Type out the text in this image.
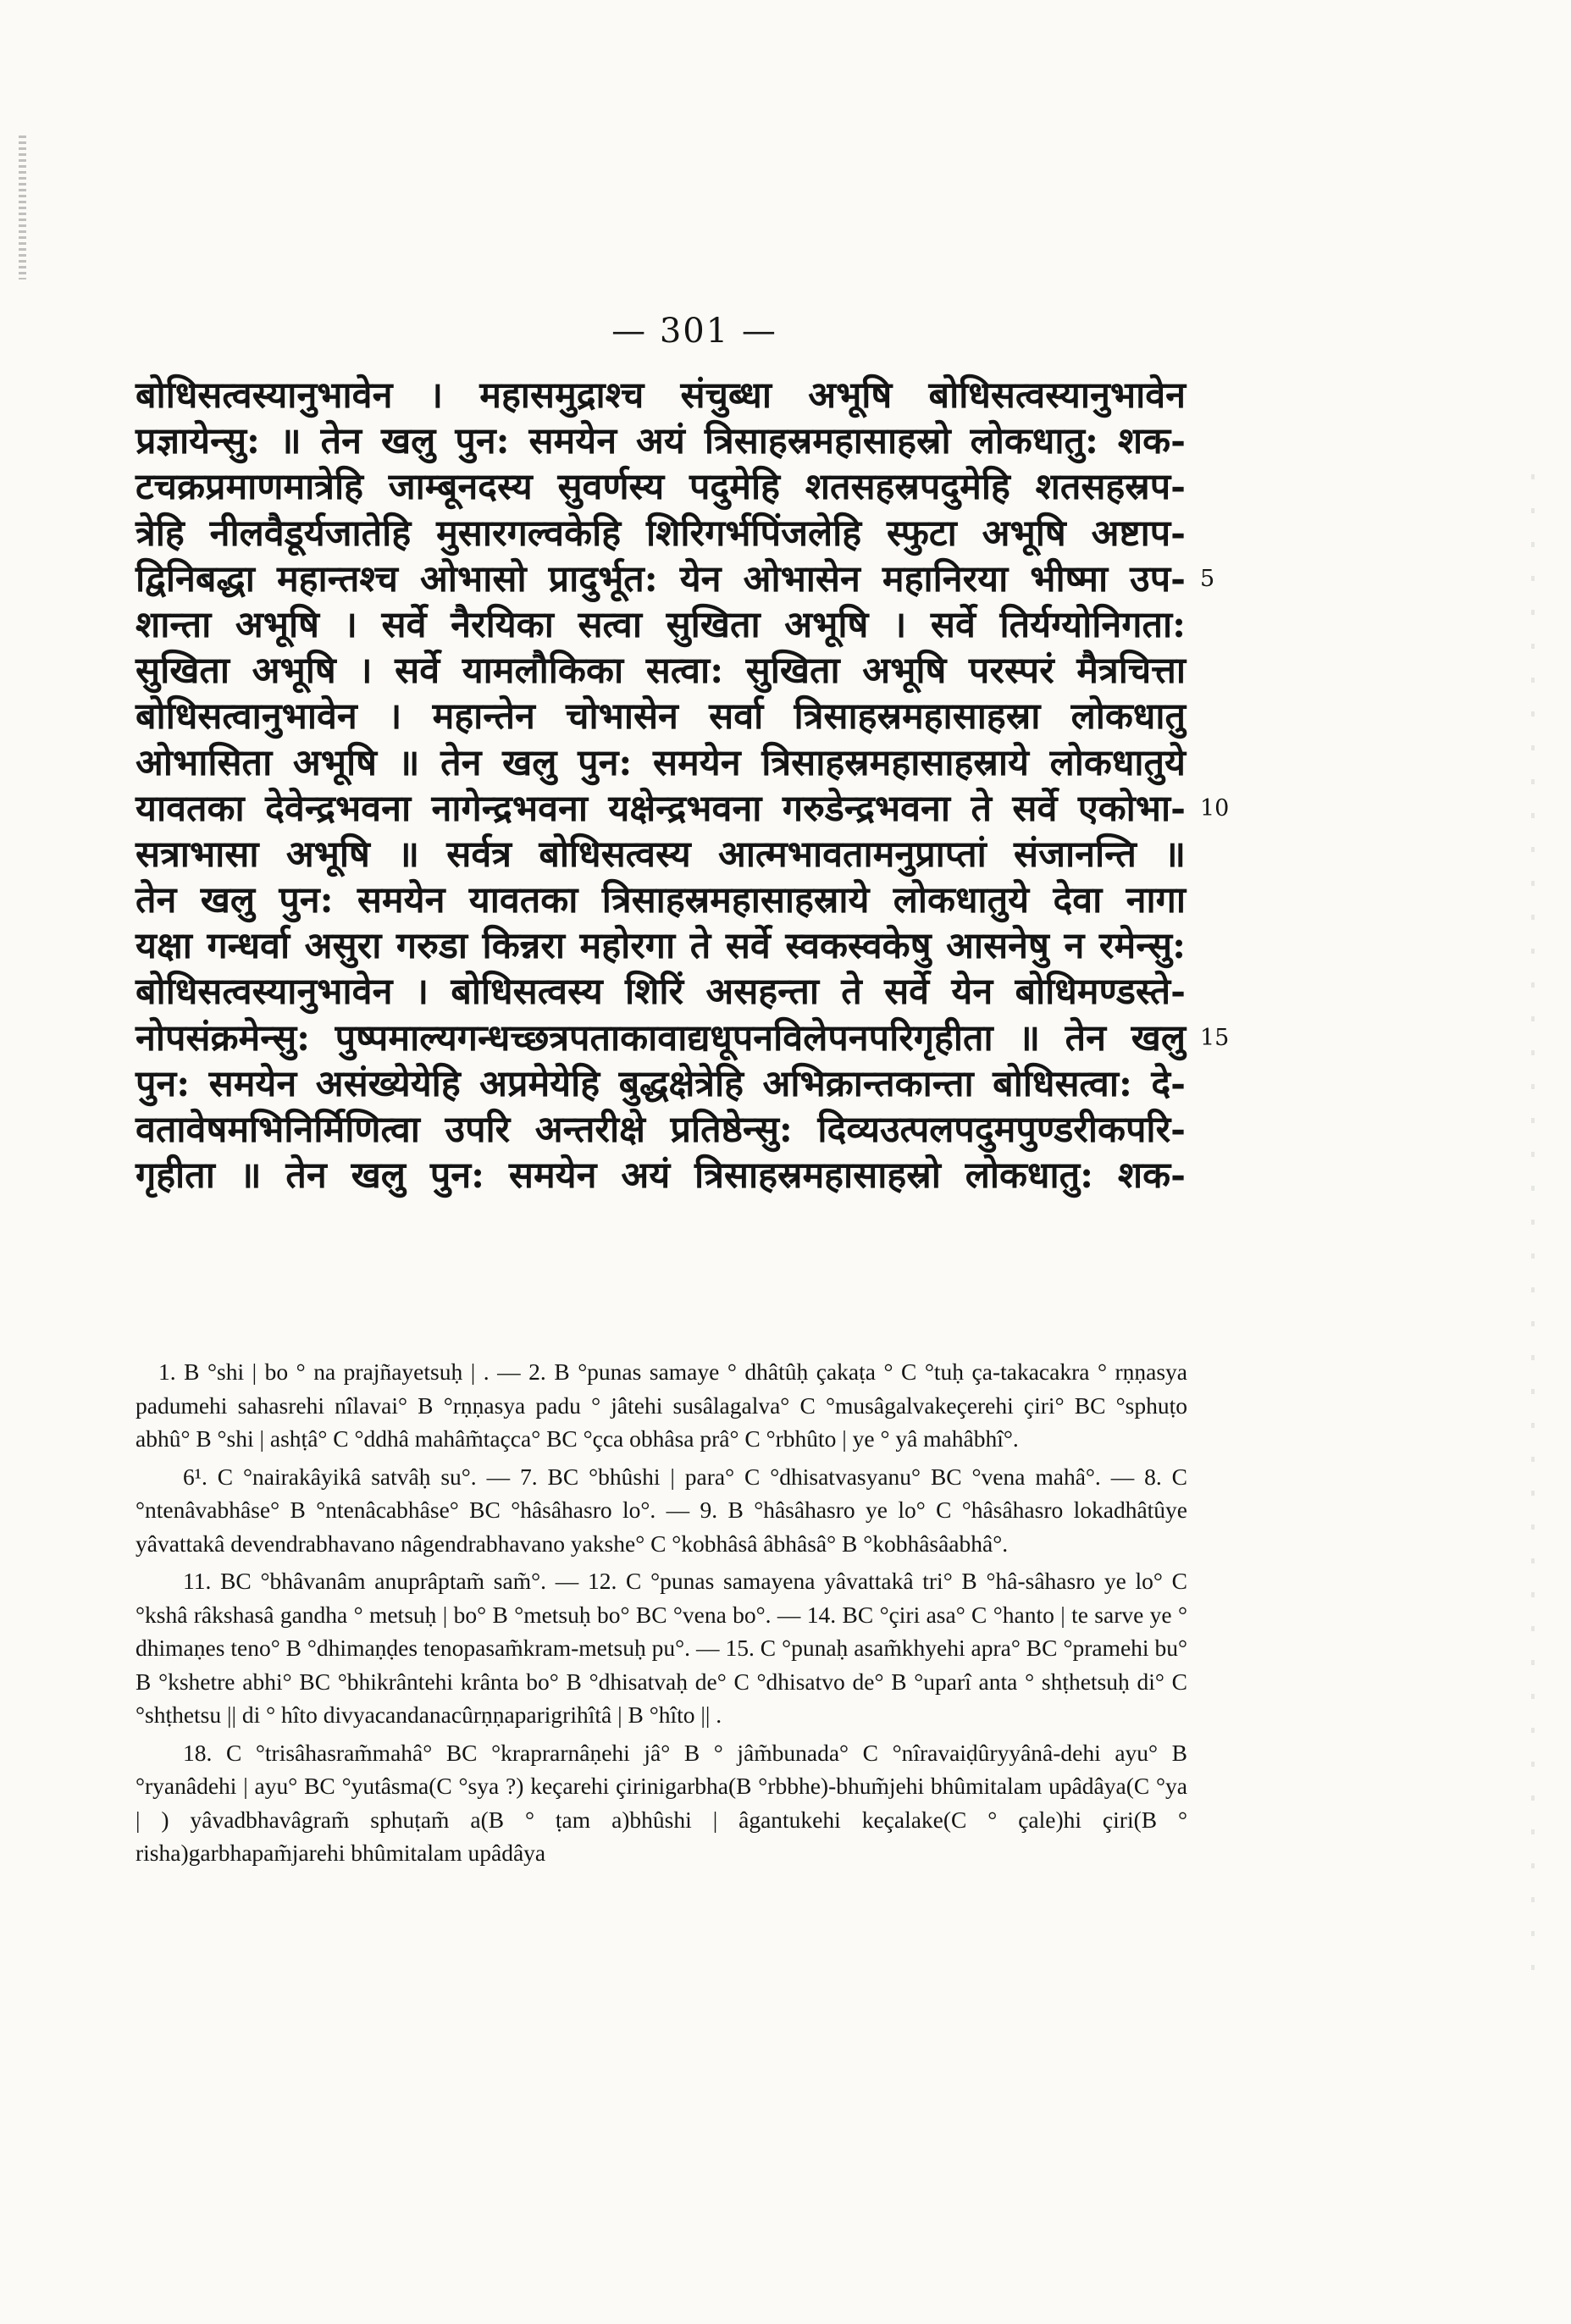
— 301 —
बोधिसत्वस्यानुभावेन । महासमुद्राश्च संचुब्धा अभूषि बोधिसत्वस्यानुभावेन
प्रज्ञायेन्सु: ॥ तेन खलु पुन: समयेन अयं त्रिसाहस्रमहासाहस्रो लोकधातु: शक-
टचक्रप्रमाणमात्रेहि जाम्बूनदस्य सुवर्णस्य पदुमेहि शतसहस्रपदुमेहि शतसहस्रप-
त्रेहि नीलवैडूर्यजातेहि मुसारगल्वकेहि शिरिगर्भपिंजलेहि स्फुटा अभूषि अष्टाप-
द्विनिबद्धा महान्तश्च ओभासो प्रादुर्भूत: येन ओभासेन महानिरया भीष्मा उप- 5
शान्ता अभूषि । सर्वे नैरयिका सत्वा सुखिता अभूषि । सर्वे तिर्यग्योनिगता:
सुखिता अभूषि । सर्वे यामलौकिका सत्वा: सुखिता अभूषि परस्परं मैत्रचित्ता
बोधिसत्वानुभावेन । महान्तेन चोभासेन सर्वा त्रिसाहस्रमहासाहस्रा लोकधातु
ओभासिता अभूषि ॥ तेन खलु पुन: समयेन त्रिसाहस्रमहासाहस्राये लोकधातुये
यावतका देवेन्द्रभवना नागेन्द्रभवना यक्षेन्द्रभवना गरुडेन्द्रभवना ते सर्वे एकोभा- 10
सत्राभासा अभूषि ॥ सर्वत्र बोधिसत्वस्य आत्मभावतामनुप्राप्तां संजानन्ति ॥
तेन खलु पुन: समयेन यावतका त्रिसाहस्रमहासाहस्राये लोकधातुये देवा नागा
यक्षा गन्धर्वा असुरा गरुडा किन्नरा महोरगा ते सर्वे स्वकस्वकेषु आसनेषु न रमेन्सु:
बोधिसत्वस्यानुभावेन । बोधिसत्वस्य शिरिं असहन्ता ते सर्वे येन बोधिमण्डस्ते-
नोपसंक्रमेन्सु: पुष्पमाल्यगन्धच्छत्रपताकावाद्यधूपनविलेपनपरिगृहीता ॥ तेन खलु 15
पुन: समयेन असंख्येयेहि अप्रमेयेहि बुद्धक्षेत्रेहि अभिक्रान्तकान्ता बोधिसत्वा: दे-
वतावेषमभिनिर्मिणित्वा उपरि अन्तरीक्षे प्रतिष्ठेन्सु: दिव्यउत्पलपदुमपुण्डरीकपरि-
गृहीता ॥ तेन खलु पुन: समयेन अयं त्रिसाहस्रमहासाहस्रो लोकधातु: शक-

1. B °shi | bo ° na prajñayetsuḥ | . — 2. B °punas samaye ° dhâtûḥ çakaṭa ° C °tuḥ ça-takacakra ° rṇṇasya padumehi sahasrehi nîlavai° B °rṇṇasya padu ° jâtehi susâlagalva° C °musâgalvakeçerehi çiri° BC °sphuṭo abhû° B °shi | ashṭâ° C °ddhâ mahâm̃taçca° BC °çca obhâsa prâ° C °rbhûto | ye ° yâ mahâbhî°.

6¹. C °nairakâyikâ satvâḥ su°. — 7. BC °bhûshi | para° C °dhisatvasyanu° BC °vena mahâ°. — 8. C °ntenâvabhâse° B °ntenâcabhâse° BC °hâsâhasro lo°. — 9. B °hâsâhasro ye lo° C °hâsâhasro lokadhâtûye yâvattakâ devendrabhavano nâgendrabhavano yakshe° C °kobhâsâ âbhâsâ° B °kobhâsâabhâ°.

11. BC °bhâvanâm anuprâptam̃ sam̃°. — 12. C °punas samayena yâvattakâ tri° B °hâ-sâhasro ye lo° C °kshâ râkshasâ gandha ° metsuḥ | bo° B °metsuḥ bo° BC °vena bo°. — 14. BC °çiri asa° C °hanto | te sarve ye ° dhimaṇes teno° B °dhimaṇḍes tenopasam̃kram-metsuḥ pu°. — 15. C °punaḥ asam̃khyehi apra° BC °pramehi bu° B °kshetre abhi° BC °bhikrântehi krânta bo° B °dhisatvaḥ de° C °dhisatvo de° B °uparî anta ° shṭhetsuḥ di° C °shṭhetsu || di ° hîto divyacandanacûrṇṇaparigrihîtâ | B °hîto || .

18. C °trisâhasram̃mahâ° BC °kraprarnâṇehi jâ° B ° jâm̃bunada° C °nîravaiḍûryyânâ-dehi ayu° B °ryanâdehi | ayu° BC °yutâsma(C °sya ?) keçarehi çirinigarbha(B °rbbhe)-bhum̃jehi bhûmitalam upâdâya(C °ya | ) yâvadbhavâgram̃ sphuṭam̃ a(B ° ṭam a)bhûshi | âgantukehi keçalake(C ° çale)hi çiri(B ° risha)garbhapam̃jarehi bhûmitalam upâdâya
